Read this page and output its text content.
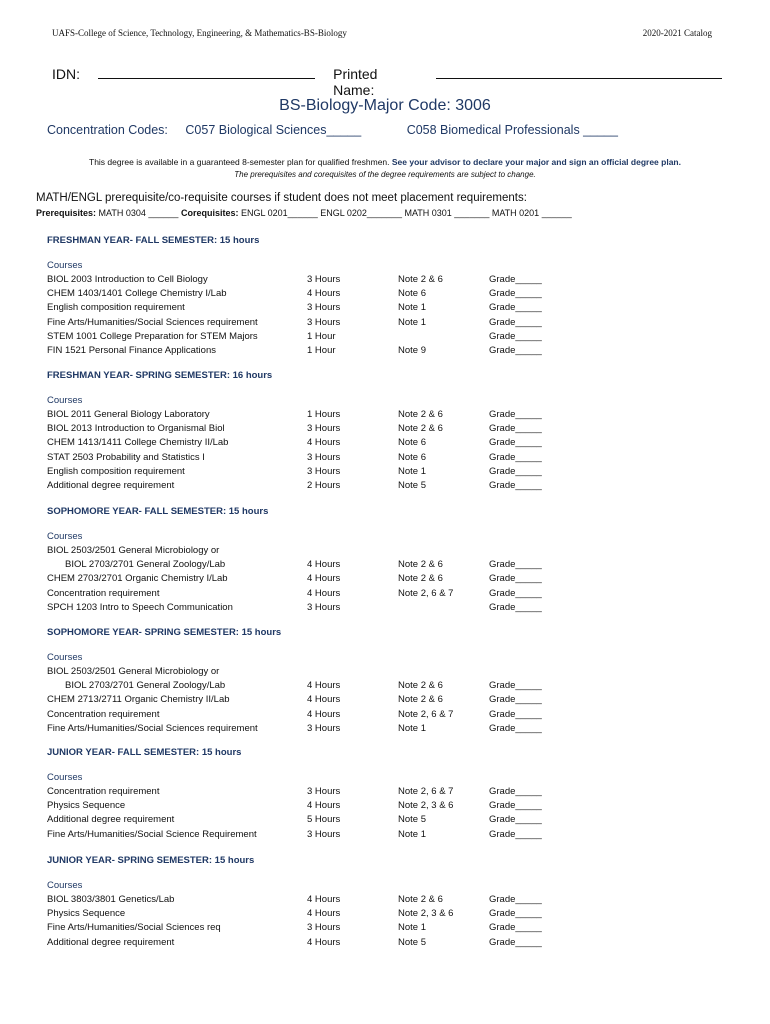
UAFS-College of Science, Technology, Engineering, & Mathematics-BS-Biology	2020-2021 Catalog
IDN:	Printed Name:
BS-Biology-Major Code: 3006
Concentration Codes: C057 Biological Sciences_____	C058 Biomedical Professionals _____
This degree is available in a guaranteed 8-semester plan for qualified freshmen. See your advisor to declare your major and sign an official degree plan.
The prerequisites and corequisites of the degree requirements are subject to change.
MATH/ENGL prerequisite/co-requisite courses if student does not meet placement requirements:
Prerequisites: MATH 0304 ______ Corequisites: ENGL 0201______ ENGL 0202_______ MATH 0301 _______ MATH 0201 ______
FRESHMAN YEAR- FALL SEMESTER: 15 hours
Courses
BIOL 2003 Introduction to Cell Biology	3 Hours	Note 2 & 6	Grade_____
CHEM 1403/1401 College Chemistry I/Lab	4 Hours	Note 6	Grade_____
English composition requirement	3 Hours	Note 1	Grade_____
Fine Arts/Humanities/Social Sciences requirement	3 Hours	Note 1	Grade_____
STEM 1001 College Preparation for STEM Majors	1 Hour	Grade_____
FIN 1521 Personal Finance Applications	1 Hour	Note 9	Grade_____
FRESHMAN YEAR- SPRING SEMESTER: 16 hours
Courses
BIOL 2011 General Biology Laboratory	1 Hours	Note 2 & 6	Grade_____
BIOL 2013 Introduction to Organismal Biol	3 Hours	Note 2 & 6	Grade_____
CHEM 1413/1411 College Chemistry II/Lab	4 Hours	Note 6	Grade_____
STAT 2503 Probability and Statistics I	3 Hours	Note 6	Grade_____
English composition requirement	3 Hours	Note 1	Grade_____
Additional degree requirement	2 Hours	Note 5	Grade_____
SOPHOMORE YEAR- FALL SEMESTER: 15 hours
Courses
BIOL 2503/2501 General Microbiology or
BIOL 2703/2701 General Zoology/Lab	4 Hours	Note 2 & 6	Grade_____
CHEM 2703/2701 Organic Chemistry I/Lab	4 Hours	Note 2 & 6	Grade_____
Concentration requirement	4 Hours	Note 2, 6 & 7	Grade_____
SPCH 1203 Intro to Speech Communication	3 Hours	Grade_____
SOPHOMORE YEAR- SPRING SEMESTER: 15 hours
Courses
BIOL 2503/2501 General Microbiology or
BIOL 2703/2701 General Zoology/Lab	4 Hours	Note 2 & 6	Grade_____
CHEM 2713/2711 Organic Chemistry II/Lab	4 Hours	Note 2 & 6	Grade_____
Concentration requirement	4 Hours	Note 2, 6 & 7	Grade_____
Fine Arts/Humanities/Social Sciences requirement	3 Hours	Note 1	Grade_____
JUNIOR YEAR- FALL SEMESTER: 15 hours
Courses
Concentration requirement	3 Hours	Note 2, 6 & 7	Grade_____
Physics Sequence	4 Hours	Note 2, 3 & 6	Grade_____
Additional degree requirement	5 Hours	Note 5	Grade_____
Fine Arts/Humanities/Social Science Requirement	3 Hours	Note 1	Grade_____
JUNIOR YEAR- SPRING SEMESTER: 15 hours
Courses
BIOL 3803/3801 Genetics/Lab	4 Hours	Note 2 & 6	Grade_____
Physics Sequence	4 Hours	Note 2, 3 & 6	Grade_____
Fine Arts/Humanities/Social Sciences req	3 Hours	Note 1	Grade_____
Additional degree requirement	4 Hours	Note 5	Grade_____
